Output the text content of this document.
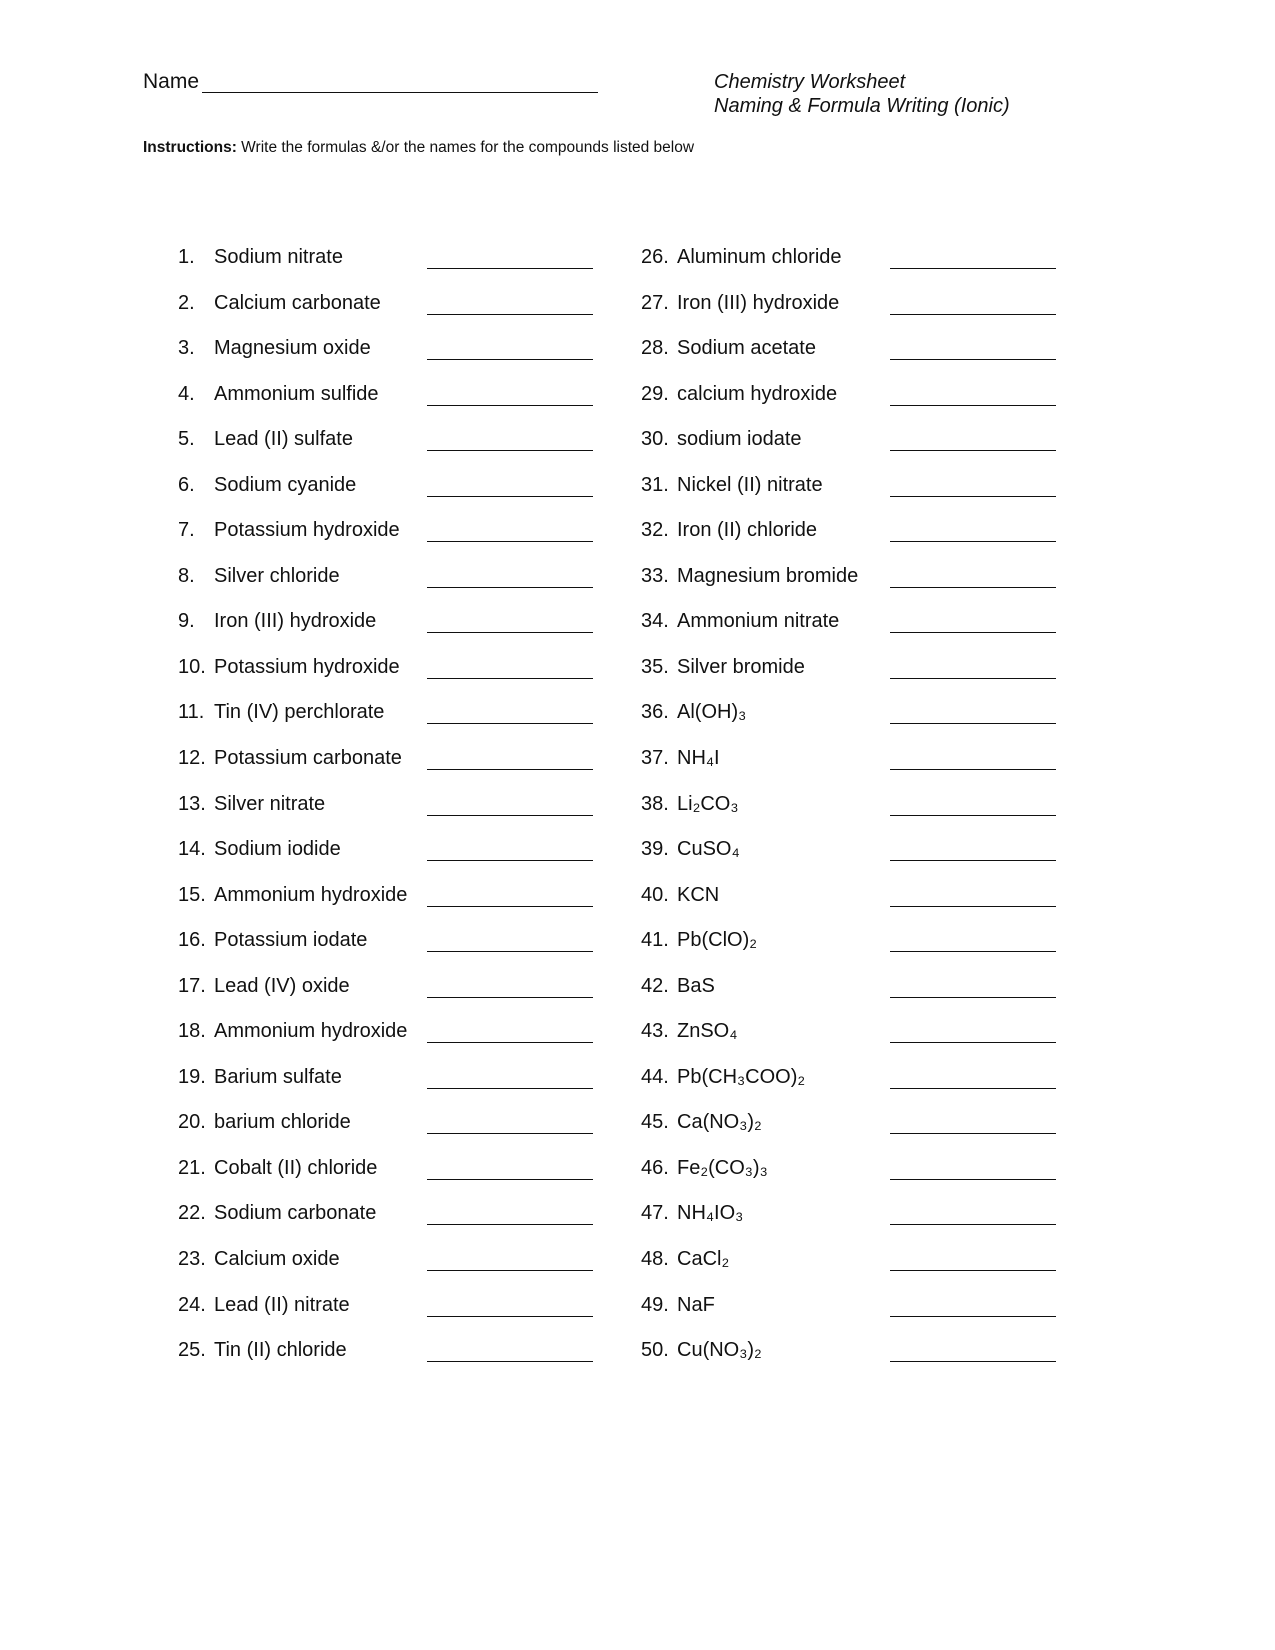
Name	Chemistry Worksheet
Naming & Formula Writing (Ionic)
Instructions: Write the formulas &/or the names for the compounds listed below
1. Sodium nitrate
2. Calcium carbonate
3. Magnesium oxide
4. Ammonium sulfide
5. Lead (II) sulfate
6. Sodium cyanide
7. Potassium hydroxide
8. Silver chloride
9. Iron (III) hydroxide
10. Potassium hydroxide
11. Tin (IV) perchlorate
12. Potassium carbonate
13. Silver nitrate
14. Sodium iodide
15. Ammonium hydroxide
16. Potassium iodate
17. Lead (IV) oxide
18. Ammonium hydroxide
19. Barium sulfate
20. barium chloride
21. Cobalt (II) chloride
22. Sodium carbonate
23. Calcium oxide
24. Lead (II) nitrate
25. Tin (II) chloride
26. Aluminum chloride
27. Iron (III) hydroxide
28. Sodium acetate
29. calcium hydroxide
30. sodium iodate
31. Nickel (II) nitrate
32. Iron (II) chloride
33. Magnesium bromide
34. Ammonium nitrate
35. Silver bromide
36. Al(OH)₃
37. NH₄I
38. Li₂CO₃
39. CuSO₄
40. KCN
41. Pb(ClO)₂
42. BaS
43. ZnSO₄
44. Pb(CH₃COO)₂
45. Ca(NO₃)₂
46. Fe₂(CO₃)₃
47. NH₄IO₃
48. CaCl₂
49. NaF
50. Cu(NO₃)₂
